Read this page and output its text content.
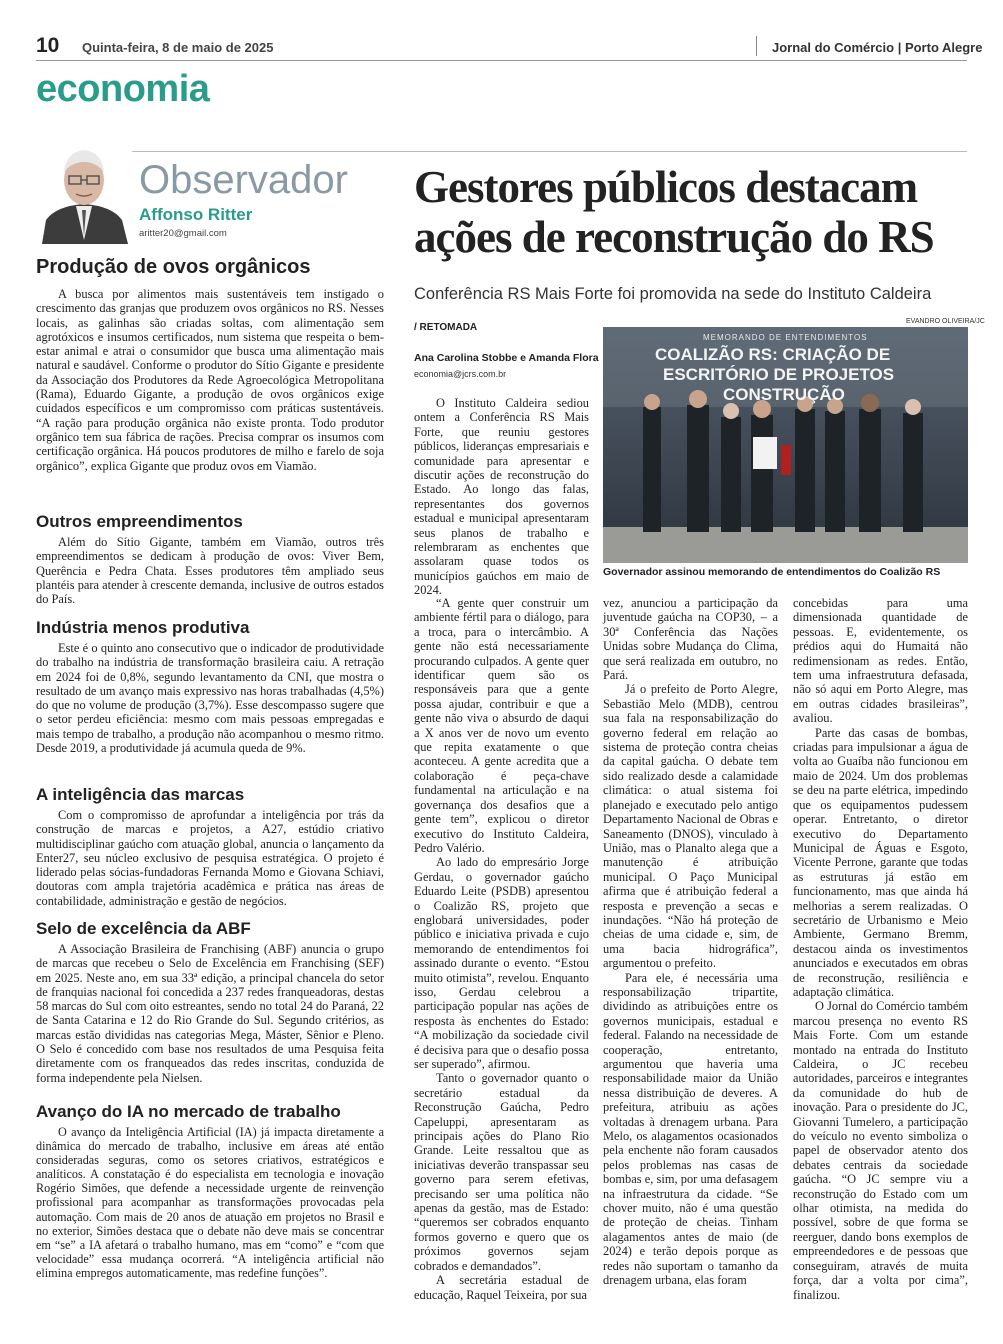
10 Quinta-feira, 8 de maio de 2025	Jornal do Comércio | Porto Alegre
economia
Observador
Affonso Ritter
aritter20@gmail.com
Produção de ovos orgânicos

A busca por alimentos mais sustentáveis tem instigado o crescimento das granjas que produzem ovos orgânicos no RS. Nesses locais, as galinhas são criadas soltas, com alimentação sem agrotóxicos e insumos certificados, num sistema que respeita o bem-estar animal e atrai o consumidor que busca uma alimentação mais natural e saudável. Conforme o produtor do Sítio Gigante e presidente da Associação dos Produtores da Rede Agroecológica Metropolitana (Rama), Eduardo Gigante, a produção de ovos orgânicos exige cuidados específicos e um compromisso com práticas sustentáveis. “A ração para produção orgânica não existe pronta. Todo produtor orgânico tem sua fábrica de rações. Precisa comprar os insumos com certificação orgânica. Há poucos produtores de milho e farelo de soja orgânico”, explica Gigante que produz ovos em Viamão.

Outros empreendimentos

Além do Sítio Gigante, também em Viamão, outros três empreendimentos se dedicam à produção de ovos: Viver Bem, Querência e Pedra Chata. Esses produtores têm ampliado seus plantéis para atender à crescente demanda, inclusive de outros estados do País.

Indústria menos produtiva

Este é o quinto ano consecutivo que o indicador de produtividade do trabalho na indústria de transformação brasileira caiu. A retração em 2024 foi de 0,8%, segundo levantamento da CNI, que mostra o resultado de um avanço mais expressivo nas horas trabalhadas (4,5%) do que no volume de produção (3,7%). Esse descompasso sugere que o setor perdeu eficiência: mesmo com mais pessoas empregadas e mais tempo de trabalho, a produção não acompanhou o mesmo ritmo. Desde 2019, a produtividade já acumula queda de 9%.

A inteligência das marcas

Com o compromisso de aprofundar a inteligência por trás da construção de marcas e projetos, a A27, estúdio criativo multidisciplinar gaúcho com atuação global, anuncia o lançamento da Enter27, seu núcleo exclusivo de pesquisa estratégica. O projeto é liderado pelas sócias-fundadoras Fernanda Momo e Giovana Schiavi, doutoras com ampla trajetória acadêmica e prática nas áreas de contabilidade, administração e gestão de negócios.

Selo de excelência da ABF

A Associação Brasileira de Franchising (ABF) anuncia o grupo de marcas que recebeu o Selo de Excelência em Franchising (SEF) em 2025. Neste ano, em sua 33ª edição, a principal chancela do setor de franquias nacional foi concedida a 237 redes franqueadoras, destas 58 marcas do Sul com oito estreantes, sendo no total 24 do Paraná, 22 de Santa Catarina e 12 do Rio Grande do Sul. Segundo critérios, as marcas estão divididas nas categorias Mega, Máster, Sênior e Pleno. O Selo é concedido com base nos resultados de uma Pesquisa feita diretamente com os franqueados das redes inscritas, conduzida de forma independente pela Nielsen.

Avanço do IA no mercado de trabalho

O avanço da Inteligência Artificial (IA) já impacta diretamente a dinâmica do mercado de trabalho, inclusive em áreas até então consideradas seguras, como os setores criativos, estratégicos e analíticos. A constatação é do especialista em tecnologia e inovação Rogério Simões, que defende a necessidade urgente de reinvenção profissional para acompanhar as transformações provocadas pela automação. Com mais de 20 anos de atuação em projetos no Brasil e no exterior, Simões destaca que o debate não deve mais se concentrar em “se” a IA afetará o trabalho humano, mas em “como” e “com que velocidade” essa mudança ocorrerá. “A inteligência artificial não elimina empregos automaticamente, mas redefine funções”.

Gestores públicos destacam ações de reconstrução do RS
Conferência RS Mais Forte foi promovida na sede do Instituto Caldeira
/ RETOMADA
Ana Carolina Stobbe e Amanda Flora
economia@jcrs.com.br
EVANDRO OLIVEIRA/JC
MEMORANDO DE ENTENDIMENTOS
COALIZÃO RS: CRIAÇÃO DE
ESCRITÓRIO DE PROJETOS
CONSTRUÇÃO
Governador assinou memorando de entendimentos do Coalizão RS

O Instituto Caldeira sediou ontem a Conferência RS Mais Forte, que reuniu gestores públicos, lideranças empresariais e comunidade para apresentar e discutir ações de reconstrução do Estado. Ao longo das falas, representantes dos governos estadual e municipal apresentaram seus planos de trabalho e relembraram as enchentes que assolaram quase todos os municípios gaúchos em maio de 2024.

“A gente quer construir um ambiente fértil para o diálogo, para a troca, para o intercâmbio. A gente não está necessariamente procurando culpados. A gente quer identificar quem são os responsáveis para que a gente possa ajudar, contribuir e que a gente não viva o absurdo de daqui a X anos ver de novo um evento que repita exatamente o que aconteceu. A gente acredita que a colaboração é peça-chave fundamental na articulação e na governança dos desafios que a gente tem”, explicou o diretor executivo do Instituto Caldeira, Pedro Valério.

Ao lado do empresário Jorge Gerdau, o governador gaúcho Eduardo Leite (PSDB) apresentou o Coalizão RS, projeto que englobará universidades, poder público e iniciativa privada e cujo memorando de entendimentos foi assinado durante o evento. “Estou muito otimista”, revelou. Enquanto isso, Gerdau celebrou a participação popular nas ações de resposta às enchentes do Estado: “A mobilização da sociedade civil é decisiva para que o desafio possa ser superado”, afirmou.

Tanto o governador quanto o secretário estadual da Reconstrução Gaúcha, Pedro Capeluppi, apresentaram as principais ações do Plano Rio Grande. Leite ressaltou que as iniciativas deverão transpassar seu governo para serem efetivas, precisando ser uma política não apenas da gestão, mas de Estado: “queremos ser cobrados enquanto formos governo e quero que os próximos governos sejam cobrados e demandados”.

A secretária estadual de educação, Raquel Teixeira, por sua

vez, anunciou a participação da juventude gaúcha na COP30, – a 30ª Conferência das Nações Unidas sobre Mudança do Clima, que será realizada em outubro, no Pará.

Já o prefeito de Porto Alegre, Sebastião Melo (MDB), centrou sua fala na responsabilização do governo federal em relação ao sistema de proteção contra cheias da capital gaúcha. O debate tem sido realizado desde a calamidade climática: o atual sistema foi planejado e executado pelo antigo Departamento Nacional de Obras e Saneamento (DNOS), vinculado à União, mas o Planalto alega que a manutenção é atribuição municipal. O Paço Municipal afirma que é atribuição federal a resposta e prevenção a secas e inundações. “Não há proteção de cheias de uma cidade e, sim, de uma bacia hidrográfica”, argumentou o prefeito.

Para ele, é necessária uma responsabilização tripartite, dividindo as atribuições entre os governos municipais, estadual e federal. Falando na necessidade de cooperação, entretanto, argumentou que haveria uma responsabilidade maior da União nessa distribuição de deveres. A prefeitura, atribuiu as ações voltadas à drenagem urbana. Para Melo, os alagamentos ocasionados pela enchente não foram causados pelos problemas nas casas de bombas e, sim, por uma defasagem na infraestrutura da cidade. “Se chover muito, não é uma questão de proteção de cheias. Tinham alagamentos antes de maio (de 2024) e terão depois porque as redes não suportam o tamanho da drenagem urbana, elas foram

concebidas para uma dimensionada quantidade de pessoas. E, evidentemente, os prédios aqui do Humaitá não redimensionam as redes. Então, tem uma infraestrutura defasada, não só aqui em Porto Alegre, mas em outras cidades brasileiras”, avaliou.

Parte das casas de bombas, criadas para impulsionar a água de volta ao Guaíba não funcionou em maio de 2024. Um dos problemas se deu na parte elétrica, impedindo que os equipamentos pudessem operar. Entretanto, o diretor executivo do Departamento Municipal de Águas e Esgoto, Vicente Perrone, garante que todas as estruturas já estão em funcionamento, mas que ainda há melhorias a serem realizadas. O secretário de Urbanismo e Meio Ambiente, Germano Bremm, destacou ainda os investimentos anunciados e executados em obras de reconstrução, resiliência e adaptação climática.

O Jornal do Comércio também marcou presença no evento RS Mais Forte. Com um estande montado na entrada do Instituto Caldeira, o JC recebeu autoridades, parceiros e integrantes da comunidade do hub de inovação. Para o presidente do JC, Giovanni Tumelero, a participação do veículo no evento simboliza o papel de observador atento dos debates centrais da sociedade gaúcha. “O JC sempre viu a reconstrução do Estado com um olhar otimista, na medida do possível, sobre de que forma se reerguer, dando bons exemplos de empreendedores e de pessoas que conseguiram, através de muita força, dar a volta por cima”, finalizou.
